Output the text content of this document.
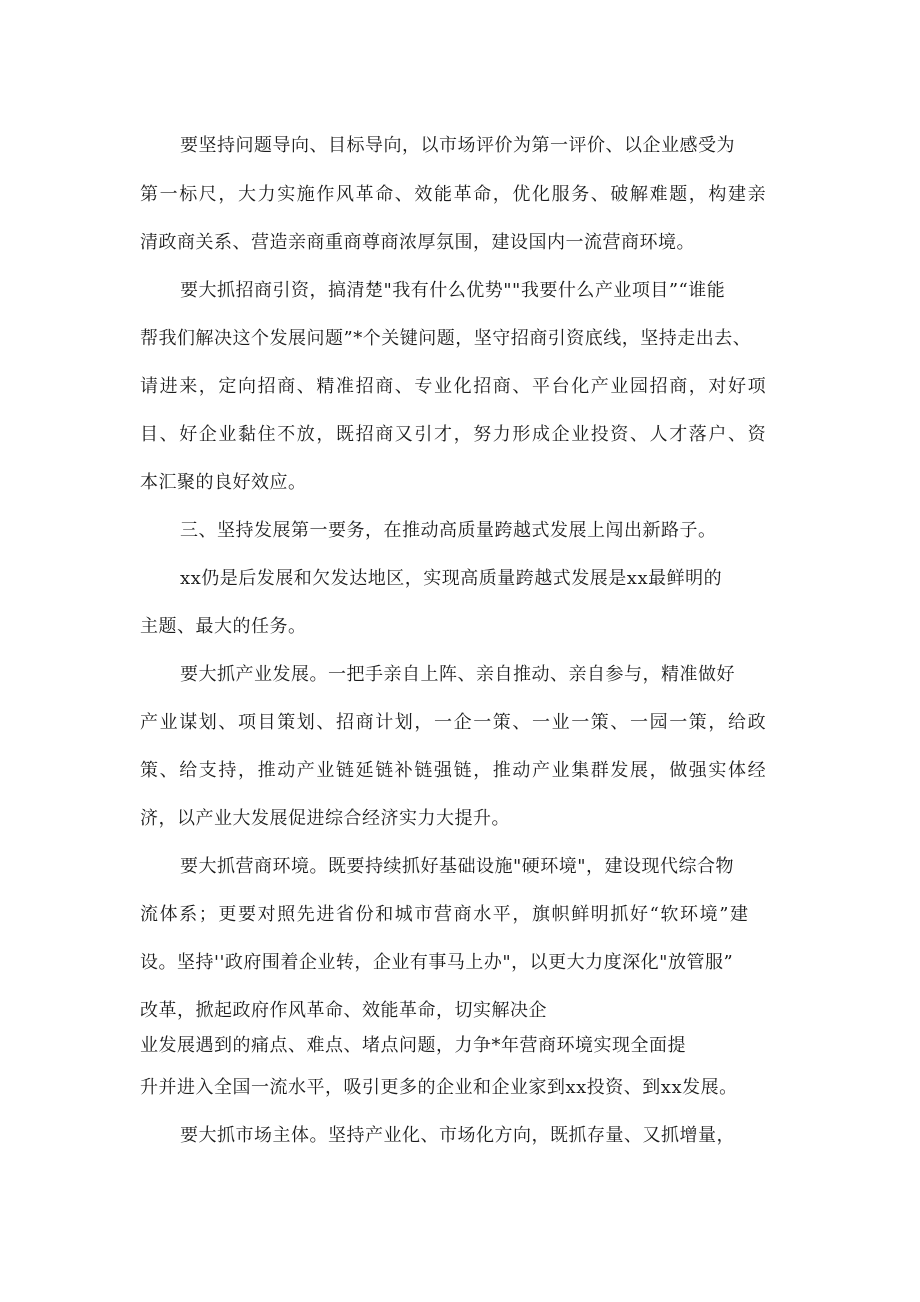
要坚持问题导向、目标导向，以市场评价为第一评价、以企业感受为
第一标尺，大力实施作风革命、效能革命，优化服务、破解难题，构建亲
清政商关系、营造亲商重商尊商浓厚氛围，建设国内一流营商环境。
要大抓招商引资，搞清楚"我有什么优势""我要什么产业项目”“谁能
帮我们解决这个发展问题”*个关键问题，坚守招商引资底线，坚持走出去、
请进来，定向招商、精准招商、专业化招商、平台化产业园招商，对好项
目、好企业黏住不放，既招商又引才，努力形成企业投资、人才落户、资
本汇聚的良好效应。
三、坚持发展第一要务，在推动高质量跨越式发展上闯出新路子。
xx仍是后发展和欠发达地区，实现高质量跨越式发展是xx最鲜明的
主题、最大的任务。
要大抓产业发展。一把手亲自上阵、亲自推动、亲自参与，精准做好
产业谋划、项目策划、招商计划，一企一策、一业一策、一园一策，给政
策、给支持，推动产业链延链补链强链，推动产业集群发展，做强实体经
济，以产业大发展促进综合经济实力大提升。
要大抓营商环境。既要持续抓好基础设施"硬环境"，建设现代综合物
流体系；更要对照先进省份和城市营商水平，旗帜鲜明抓好“软环境”建
设。坚持''政府围着企业转，企业有事马上办"，以更大力度深化"放管服”
改革，掀起政府作风革命、效能革命，切实解决企
业发展遇到的痛点、难点、堵点问题，力争*年营商环境实现全面提
升并进入全国一流水平，吸引更多的企业和企业家到xx投资、到xx发展。
要大抓市场主体。坚持产业化、市场化方向，既抓存量、又抓增量，
